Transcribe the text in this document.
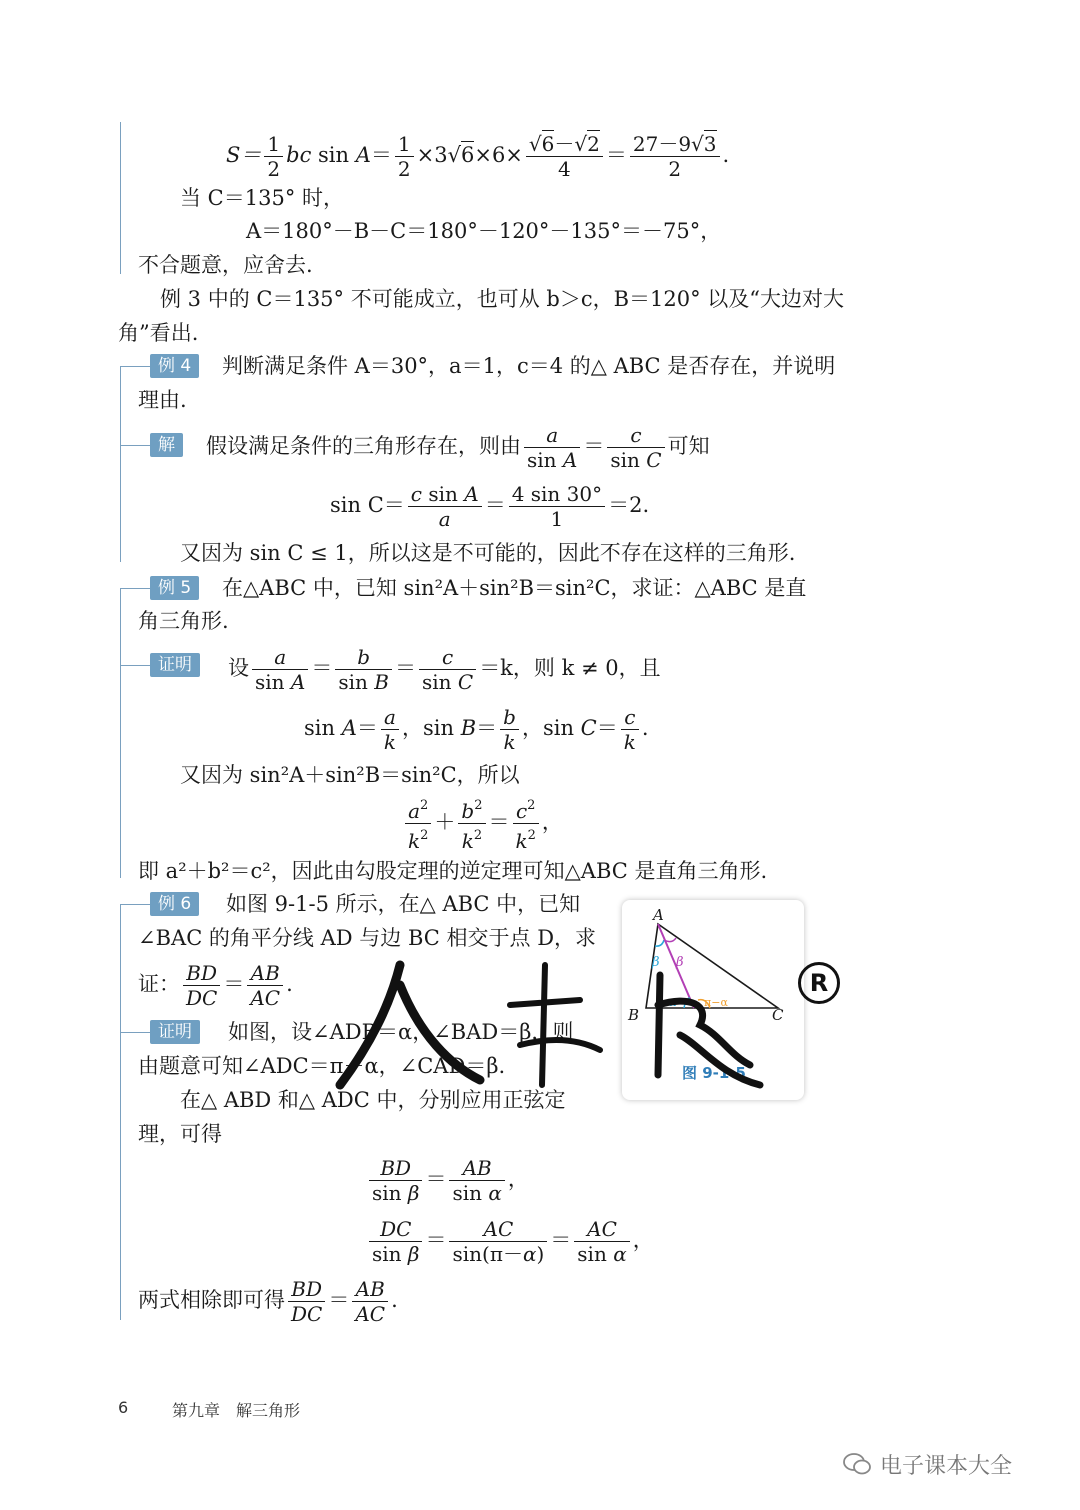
$S= \frac{1}{2}$ bc $\sin A= \frac{1}{2} \times 3√6\times 6\times \frac{√6-√2}{4} = \frac{27-9√3}{2}$ .
当 C＝135° 时，
A＝180°－B－C＝180°－120°－135°＝－75°，
不合题意，应舍去.
例 3 中的 C＝135° 不可能成立，也可从 b＞c，B＝120° 以及“大边对大
角”看出.
例 4	判断满足条件 A＝30°，a＝1，c＝4 的△ ABC 是否存在，并说明
理由.
解	假设满足条件的三角形存在，则由 $\frac{a}{\text{sin A}} = \frac{c}{\text{sin C}}$ 可知
$\sin C= \frac{\text{c sin A}}{a} = \frac{4 \sin 30^\circ}{1} =2$.
又因为 sin C ≤ 1，所以这是不可能的，因此不存在这样的三角形.
例 5	在△ABC 中，已知 sin²A＋sin²B＝sin²C，求证：△ABC 是直
角三角形.
证明	设 $\frac{a}{\text{sin A}} = \frac{b}{\text{sin B}} = \frac{c}{\text{sin C}} =k$，则 k ≠ 0，且
$\sin A= \frac{a}{k}$ ，$\sin B= \frac{b}{k}$ ，$\sin C= \frac{c}{k}$ .
又因为 sin²A＋sin²B＝sin²C，所以
$\frac{a^2}{k^2} + \frac{b^2}{k^2} = \frac{c^2}{k^2}$ ，
即 a²＋b²＝c²，因此由勾股定理的逆定理可知△ABC 是直角三角形.
例 6	如图 9-1-5 所示，在△ ABC 中，已知
∠BAC 的角平分线 AD 与边 BC 相交于点 D，求
证： $\frac{BD}{DC} = \frac{AB}{AC}$ .
证明	如图，设∠ADB＝α，∠BAD＝β，则
由题意可知∠ADC＝π－α，∠CAD＝β.
在△ ABD 和△ ADC 中，分别应用正弦定
理，可得
$\frac{BD}{\text{sin β}} = \frac{AB}{\text{sin α}}$ ，
$\frac{DC}{\text{sin β}} = \frac{AC}{\sin(\pi-\alpha)} = \frac{AC}{\text{sin α}}$ ，
两式相除即可得 $\frac{BD}{DC} = \frac{AB}{AC}$ .
A
B	C
β β
α π−α
图 9-1-5
R
6	第九章　解三角形
电子课本大全
